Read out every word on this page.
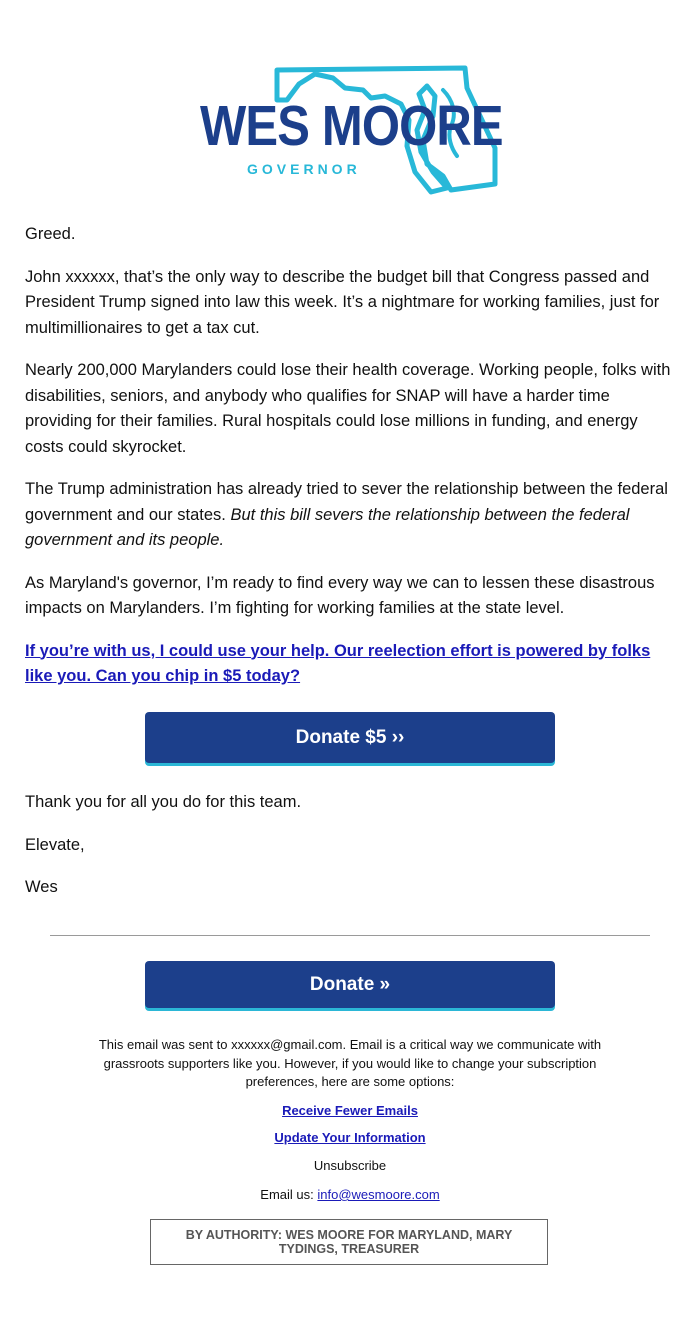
WES MOORE
GOVERNOR

Greed.

John xxxxxx, that’s the only way to describe the budget bill that Congress passed and President Trump signed into law this week. It’s a nightmare for working families, just for multimillionaires to get a tax cut.

Nearly 200,000 Marylanders could lose their health coverage. Working people, folks with disabilities, seniors, and anybody who qualifies for SNAP will have a harder time providing for their families. Rural hospitals could lose millions in funding, and energy costs could skyrocket.

The Trump administration has already tried to sever the relationship between the federal government and our states. But this bill severs the relationship between the federal government and its people.

As Maryland's governor, I’m ready to find every way we can to lessen these disastrous impacts on Marylanders. I’m fighting for working families at the state level.

If you’re with us, I could use your help. Our reelection effort is powered by folks like you. Can you chip in $5 today?
Donate $5 ››

Thank you for all you do for this team.

Elevate,

Wes

Donate »

This email was sent to xxxxxx@gmail.com. Email is a critical way we communicate with grassroots supporters like you. However, if you would like to change your subscription preferences, here are some options:

Receive Fewer Emails
Update Your Information
Unsubscribe
Email us: info@wesmoore.com
BY AUTHORITY: WES MOORE FOR MARYLAND, MARY TYDINGS, TREASURER
